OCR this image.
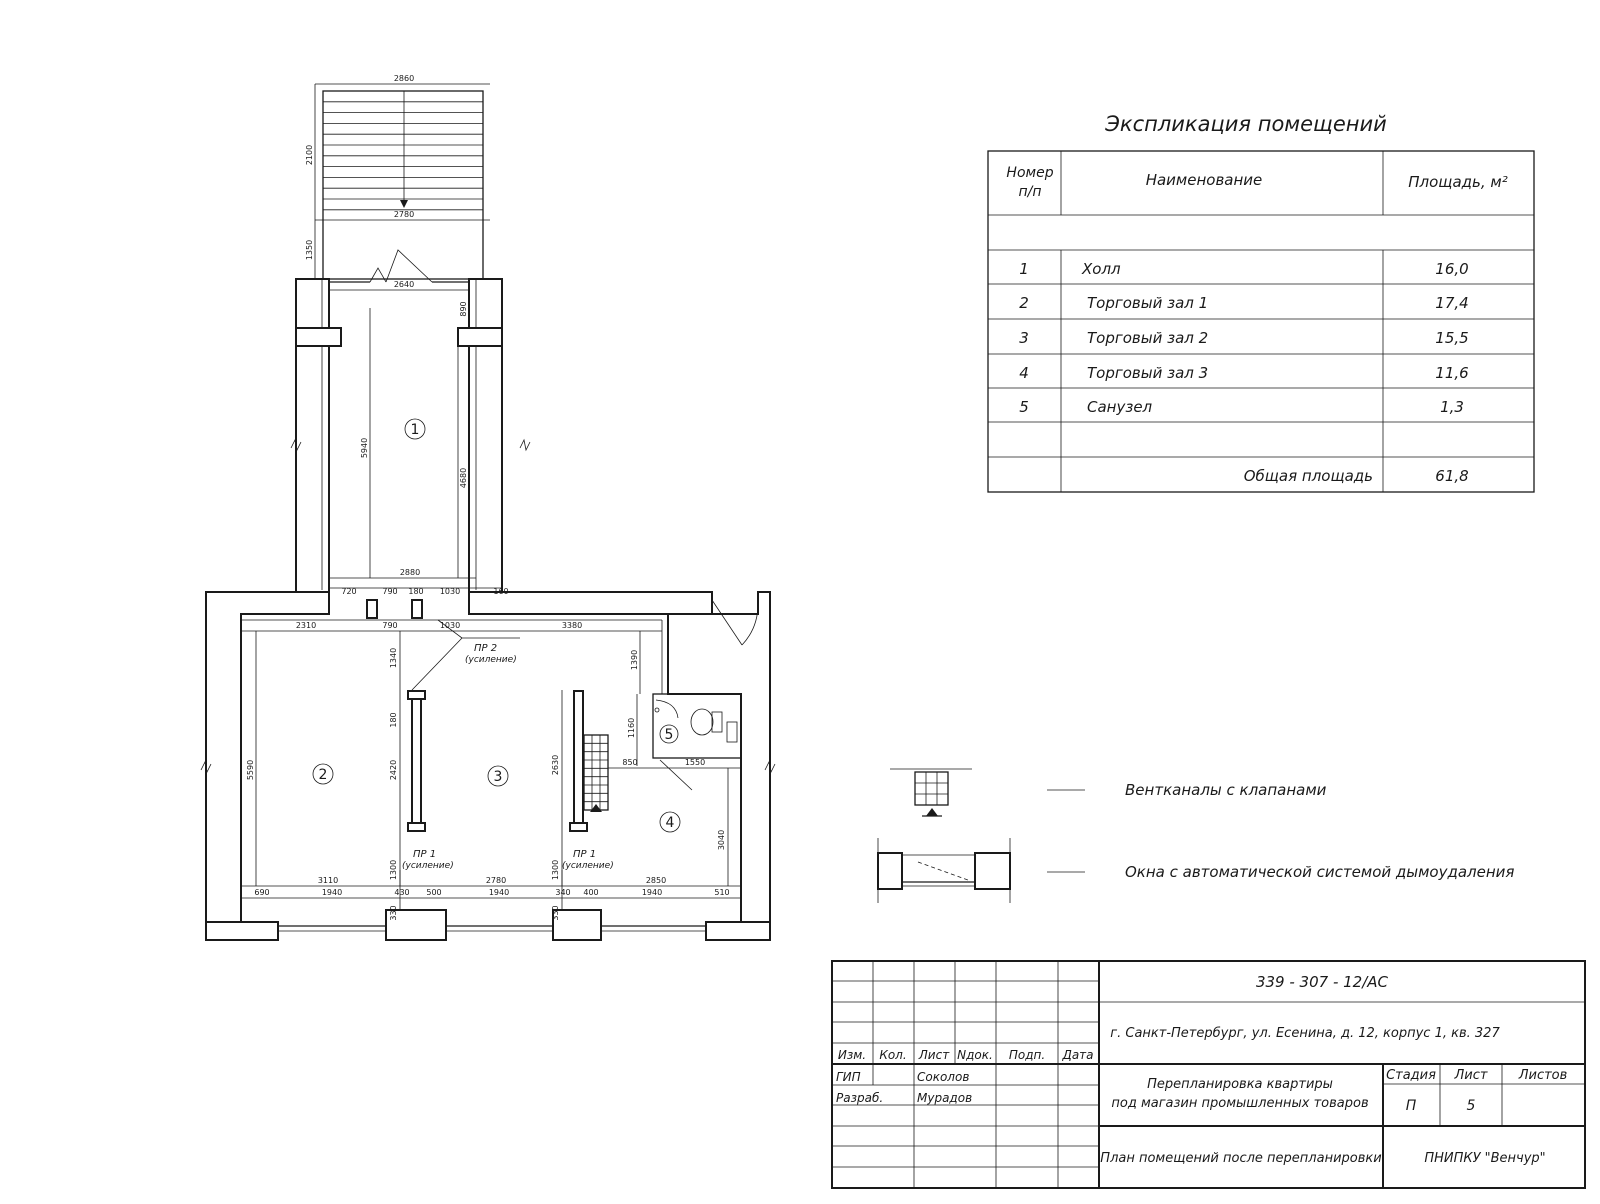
2860
2780
2100
1350
2640
890
5940
4680
2880
720	790 180 1030	160
2310	790	1030	3380
1340	1390
180
2420	2630
5590
1160
3040
1300	1300
850	1550
3110	2780	2850
690	1940	430 500	1940	340 400	1940	510
330	330
1
2	3
4
5
ПР 2
(усиление)
ПР 1
(усиление)
ПР 1
(усиление)
Экспликация помещений
Номер
п/п
Наименование	Площадь, м²
1	Холл	16,0
2	Торговый зал 1	17,4
3	Торговый зал 2	15,5
4	Торговый зал 3	11,6
5	Санузел	1,3
Общая площадь	61,8
Вентканалы с клапанами
Окна с автоматической системой дымоудаления
Изм. Кол. Лист Nдок. Подп. Дата
ГИП	Соколов
Разраб.	Мурадов
339 - 307 - 12/АС
г. Санкт-Петербург, ул. Есенина, д. 12, корпус 1, кв. 327
Перепланировка квартиры
под магазин промышленных товаров
Стадия Лист Листов
П	5
План помещений после перепланировки	ПНИПКУ "Венчур"
